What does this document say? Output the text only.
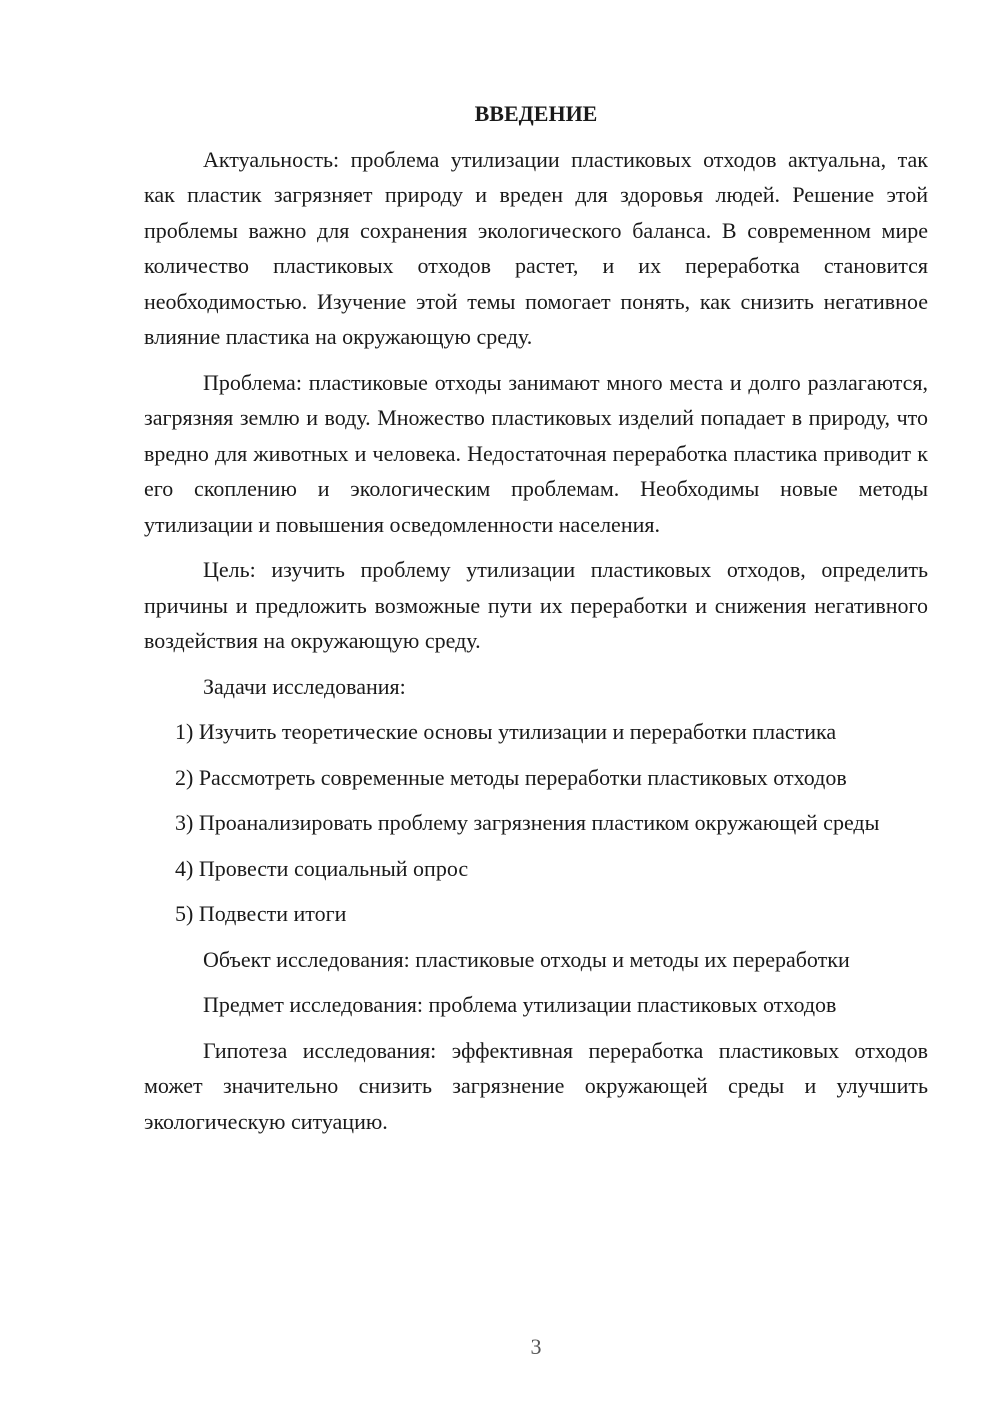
ВВЕДЕНИЕ

Актуальность: проблема утилизации пластиковых отходов актуальна, так как пластик загрязняет природу и вреден для здоровья людей. Решение этой проблемы важно для сохранения экологического баланса. В современном мире количество пластиковых отходов растет, и их переработка становится необходимостью. Изучение этой темы помогает понять, как снизить негативное влияние пластика на окружающую среду.

Проблема: пластиковые отходы занимают много места и долго разлагаются, загрязняя землю и воду. Множество пластиковых изделий попадает в природу, что вредно для животных и человека. Недостаточная переработка пластика приводит к его скоплению и экологическим проблемам. Необходимы новые методы утилизации и повышения осведомленности населения.

Цель: изучить проблему утилизации пластиковых отходов, определить причины и предложить возможные пути их переработки и снижения негативного воздействия на окружающую среду.

Задачи исследования:

1) Изучить теоретические основы утилизации и переработки пластика

2) Рассмотреть современные методы переработки пластиковых отходов

3) Проанализировать проблему загрязнения пластиком окружающей среды

4) Провести социальный опрос

5) Подвести итоги

Объект исследования: пластиковые отходы и методы их переработки

Предмет исследования: проблема утилизации пластиковых отходов

Гипотеза исследования: эффективная переработка пластиковых отходов может значительно снизить загрязнение окружающей среды и улучшить экологическую ситуацию.

3
